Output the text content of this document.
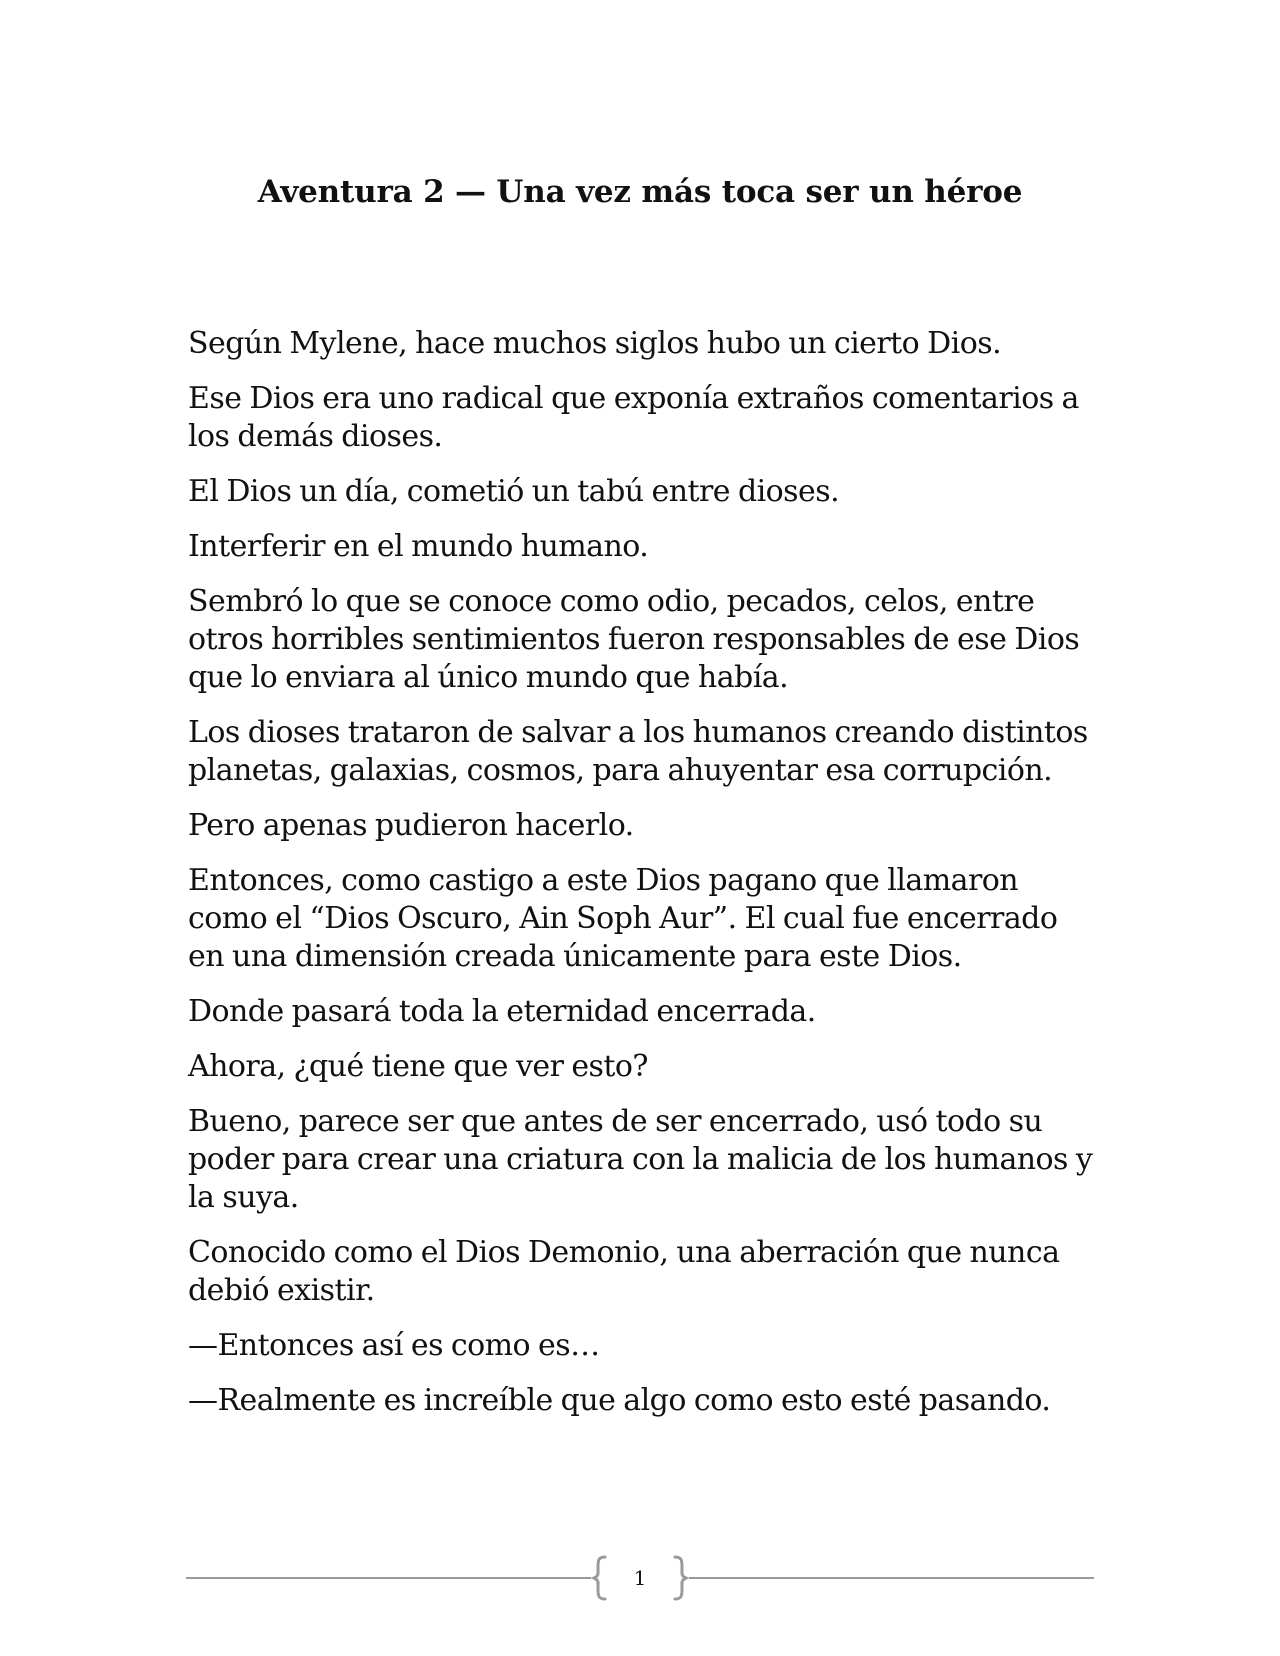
Aventura 2 — Una vez más toca ser un héroe

Según Mylene, hace muchos siglos hubo un cierto Dios.

Ese Dios era uno radical que exponía extraños comentarios a los demás dioses.

El Dios un día, cometió un tabú entre dioses.

Interferir en el mundo humano.

Sembró lo que se conoce como odio, pecados, celos, entre otros horribles sentimientos fueron responsables de ese Dios que lo enviara al único mundo que había.

Los dioses trataron de salvar a los humanos creando distintos planetas, galaxias, cosmos, para ahuyentar esa corrupción.

Pero apenas pudieron hacerlo.

Entonces, como castigo a este Dios pagano que llamaron como el “Dios Oscuro, Ain Soph Aur”. El cual fue encerrado en una dimensión creada únicamente para este Dios.

Donde pasará toda la eternidad encerrada.

Ahora, ¿qué tiene que ver esto?

Bueno, parece ser que antes de ser encerrado, usó todo su poder para crear una criatura con la malicia de los humanos y la suya.

Conocido como el Dios Demonio, una aberración que nunca debió existir.

—Entonces así es como es…

—Realmente es increíble que algo como esto esté pasando.

1
